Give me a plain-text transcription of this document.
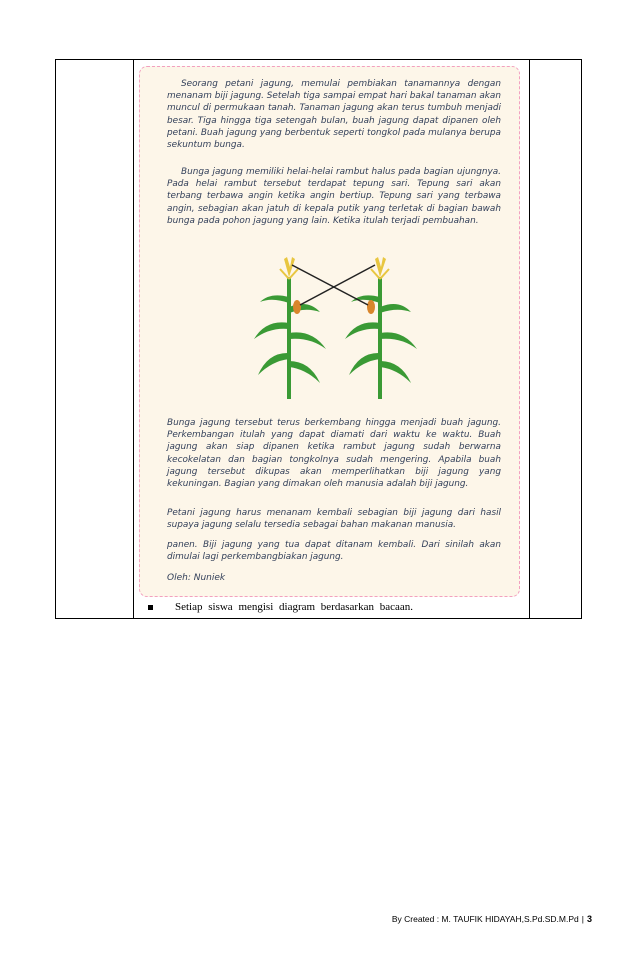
Seorang petani jagung, memulai pembiakan tanamannya dengan menanam biji jagung. Setelah tiga sampai empat hari bakal tanaman akan muncul di permukaan tanah. Tanaman jagung akan terus tumbuh menjadi besar. Tiga hingga tiga setengah bulan, buah jagung dapat dipanen oleh petani. Buah jagung yang berbentuk seperti tongkol pada mulanya berupa sekuntum bunga.

Bunga jagung memiliki helai-helai rambut halus pada bagian ujungnya. Pada helai rambut tersebut terdapat tepung sari. Tepung sari akan terbang terbawa angin ketika angin bertiup. Tepung sari yang terbawa angin, sebagian akan jatuh di kepala putik yang terletak di bagian bawah bunga pada pohon jagung yang lain. Ketika itulah terjadi pembuahan.

Bunga jagung tersebut terus berkembang hingga menjadi buah jagung. Perkembangan itulah yang dapat diamati dari waktu ke waktu. Buah jagung akan siap dipanen ketika rambut jagung sudah berwarna kecokelatan dan bagian tongkolnya sudah mengering. Apabila buah jagung tersebut dikupas akan memperlihatkan biji jagung yang kekuningan. Bagian yang dimakan oleh manusia adalah biji jagung.

Petani jagung harus menanam kembali sebagian biji jagung dari hasil supaya jagung selalu tersedia sebagai bahan makanan manusia.

panen. Biji jagung yang tua dapat ditanam kembali. Dari sinilah akan dimulai lagi perkembangbiakan jagung.

Oleh: Nuniek
Setiap siswa mengisi diagram berdasarkan bacaan.
By Created : M. TAUFIK HIDAYAH,S.Pd.SD.M.Pd | 3
